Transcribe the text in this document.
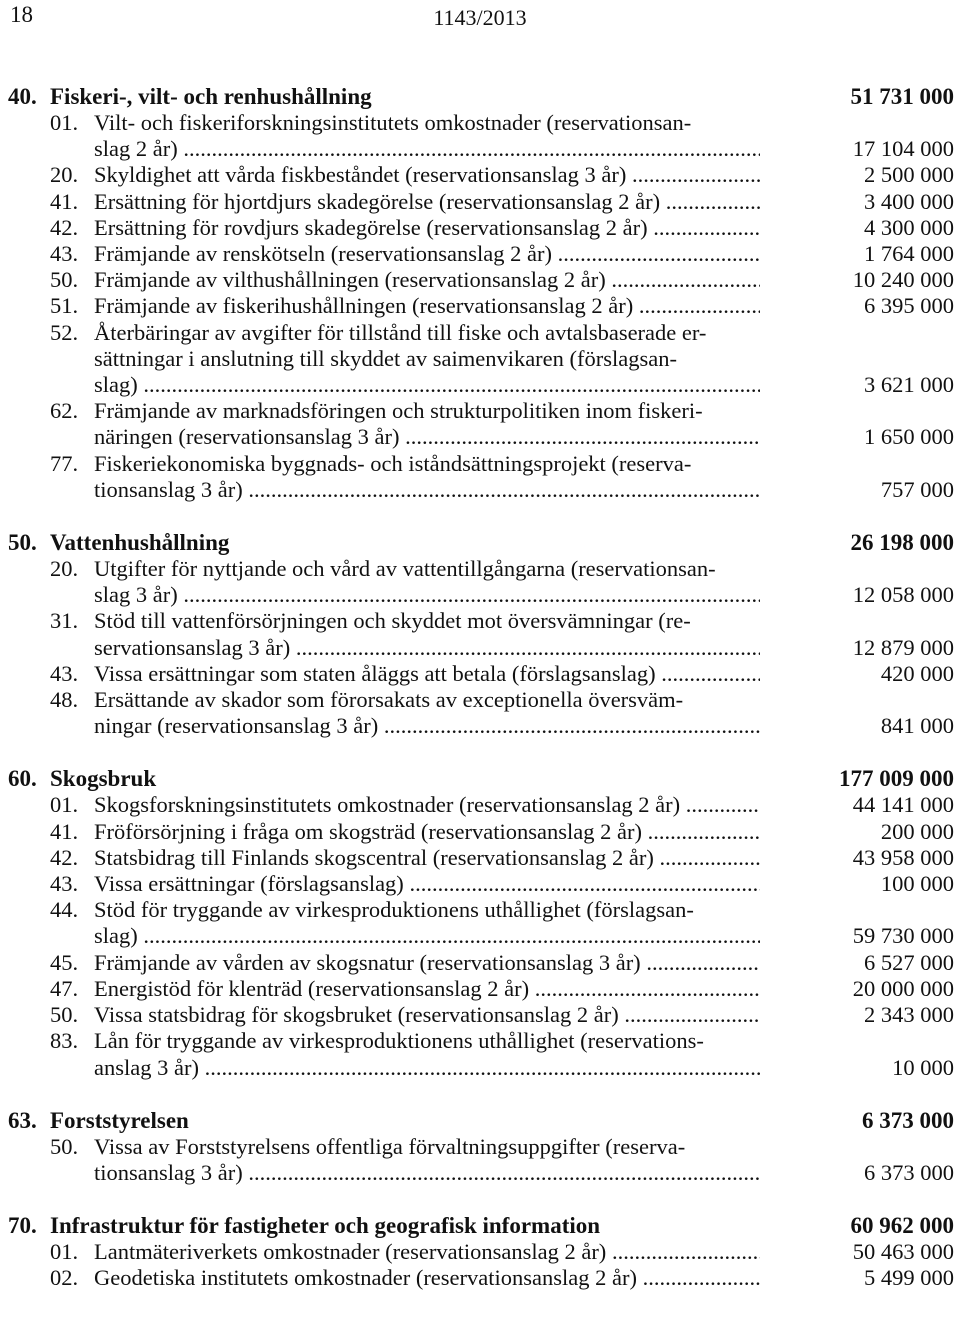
18	1143/2013
40. Fiskeri-, vilt- och renhushållning	51 731 000
01. Vilt- och fiskeriforskningsinstitutets omkostnader (reservationsan-
slag 2 år) .....	17 104 000
20. Skyldighet att vårda fiskbeståndet (reservationsanslag 3 år) .....	2 500 000
41. Ersättning för hjortdjurs skadegörelse (reservationsanslag 2 år) .....	3 400 000
42. Ersättning för rovdjurs skadegörelse (reservationsanslag 2 år) .....	4 300 000
43. Främjande av renskötseln (reservationsanslag 2 år) .....	1 764 000
50. Främjande av vilthushållningen (reservationsanslag 2 år) .....	10 240 000
51. Främjande av fiskerihushållningen (reservationsanslag 2 år) .....	6 395 000
52. Återbäringar av avgifter för tillstånd till fiske och avtalsbaserade er-
sättningar i anslutning till skyddet av saimenvikaren (förslagsan-
slag) .....	3 621 000
62. Främjande av marknadsföringen och strukturpolitiken inom fiskeri-
näringen (reservationsanslag 3 år) .....	1 650 000
77. Fiskeriekonomiska byggnads- och iståndsättningsprojekt (reserva-
tionsanslag 3 år) .....	757 000
50. Vattenhushållning	26 198 000
20. Utgifter för nyttjande och vård av vattentillgångarna (reservationsan-
slag 3 år) .....	12 058 000
31. Stöd till vattenförsörjningen och skyddet mot översvämningar (re-
servationsanslag 3 år) .....	12 879 000
43. Vissa ersättningar som staten åläggs att betala (förslagsanslag) .....	420 000
48. Ersättande av skador som förorsakats av exceptionella översväm-
ningar (reservationsanslag 3 år) .....	841 000
60. Skogsbruk	177 009 000
01. Skogsforskningsinstitutets omkostnader (reservationsanslag 2 år) .....	44 141 000
41. Fröförsörjning i fråga om skogsträd (reservationsanslag 2 år) .....	200 000
42. Statsbidrag till Finlands skogscentral (reservationsanslag 2 år) .....	43 958 000
43. Vissa ersättningar (förslagsanslag) .....	100 000
44. Stöd för tryggande av virkesproduktionens uthållighet (förslagsan-
slag) .....	59 730 000
45. Främjande av vården av skogsnatur (reservationsanslag 3 år) .....	6 527 000
47. Energistöd för klenträd (reservationsanslag 2 år) .....	20 000 000
50. Vissa statsbidrag för skogsbruket (reservationsanslag 2 år) .....	2 343 000
83. Lån för tryggande av virkesproduktionens uthållighet (reservations-
anslag 3 år) .....	10 000
63. Forststyrelsen	6 373 000
50. Vissa av Forststyrelsens offentliga förvaltningsuppgifter (reserva-
tionsanslag 3 år) .....	6 373 000
70. Infrastruktur för fastigheter och geografisk information	60 962 000
01. Lantmäteriverkets omkostnader (reservationsanslag 2 år) .....	50 463 000
02. Geodetiska institutets omkostnader (reservationsanslag 2 år) .....	5 499 000
